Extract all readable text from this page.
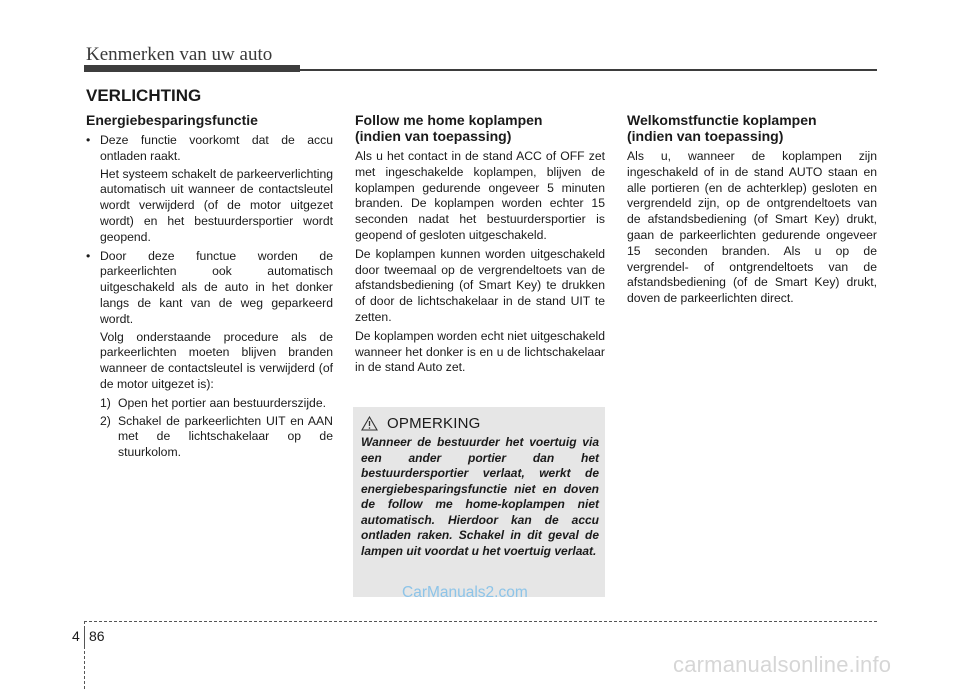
Kenmerken van uw auto
VERLICHTING
Energiebesparingsfunctie
• Deze functie voorkomt dat de accu ontladen raakt.

Het systeem schakelt de parkeerverlichting automatisch uit wanneer de contactsleutel wordt verwijderd (of de motor uitgezet wordt) en het bestuurdersportier wordt geopend.

• Door deze functue worden de parkeerlichten ook automatisch uitgeschakeld als de auto in het donker langs de kant van de weg geparkeerd wordt.

Volg onderstaande procedure als de parkeerlichten moeten blijven branden wanneer de contactsleutel is verwijderd (of de motor uitgezet is):

1) Open het portier aan bestuurderszijde.
2) Schakel de parkeerlichten UIT en AAN met de lichtschakelaar op de stuurkolom.
Follow me home koplampen
(indien van toepassing)

Als u het contact in de stand ACC of OFF zet met ingeschakelde koplampen, blijven de koplampen gedurende ongeveer 5 minuten branden. De koplampen worden echter 15 seconden nadat het bestuurdersportier is geopend of gesloten uitgeschakeld.

De koplampen kunnen worden uitgeschakeld door tweemaal op de vergrendeltoets van de afstandsbediening (of Smart Key) te drukken of door de lichtschakelaar in de stand UIT te zetten.

De koplampen worden echt niet uitgeschakeld wanneer het donker is en u de lichtschakelaar in de stand Auto zet.

OPMERKING

Wanneer de bestuurder het voertuig via een ander portier dan het bestuurdersportier verlaat, werkt de energiebesparingsfunctie niet en doven de follow me home-koplampen niet automatisch. Hierdoor kan de accu ontladen raken. Schakel in dit geval de lampen uit voordat u het voertuig verlaat.

CarManuals2.com
Welkomstfunctie koplampen
(indien van toepassing)

Als u, wanneer de koplampen zijn ingeschakeld of in de stand AUTO staan en alle portieren (en de achterklep) gesloten en vergrendeld zijn, op de ontgrendeltoets van de afstandsbediening (of Smart Key) drukt, gaan de parkeerlichten gedurende ongeveer 15 seconden branden. Als u op de vergrendel- of ontgrendeltoets van de afstandsbediening (of de Smart Key) drukt, doven de parkeerlichten direct.

4 86
carmanualsonline.info
